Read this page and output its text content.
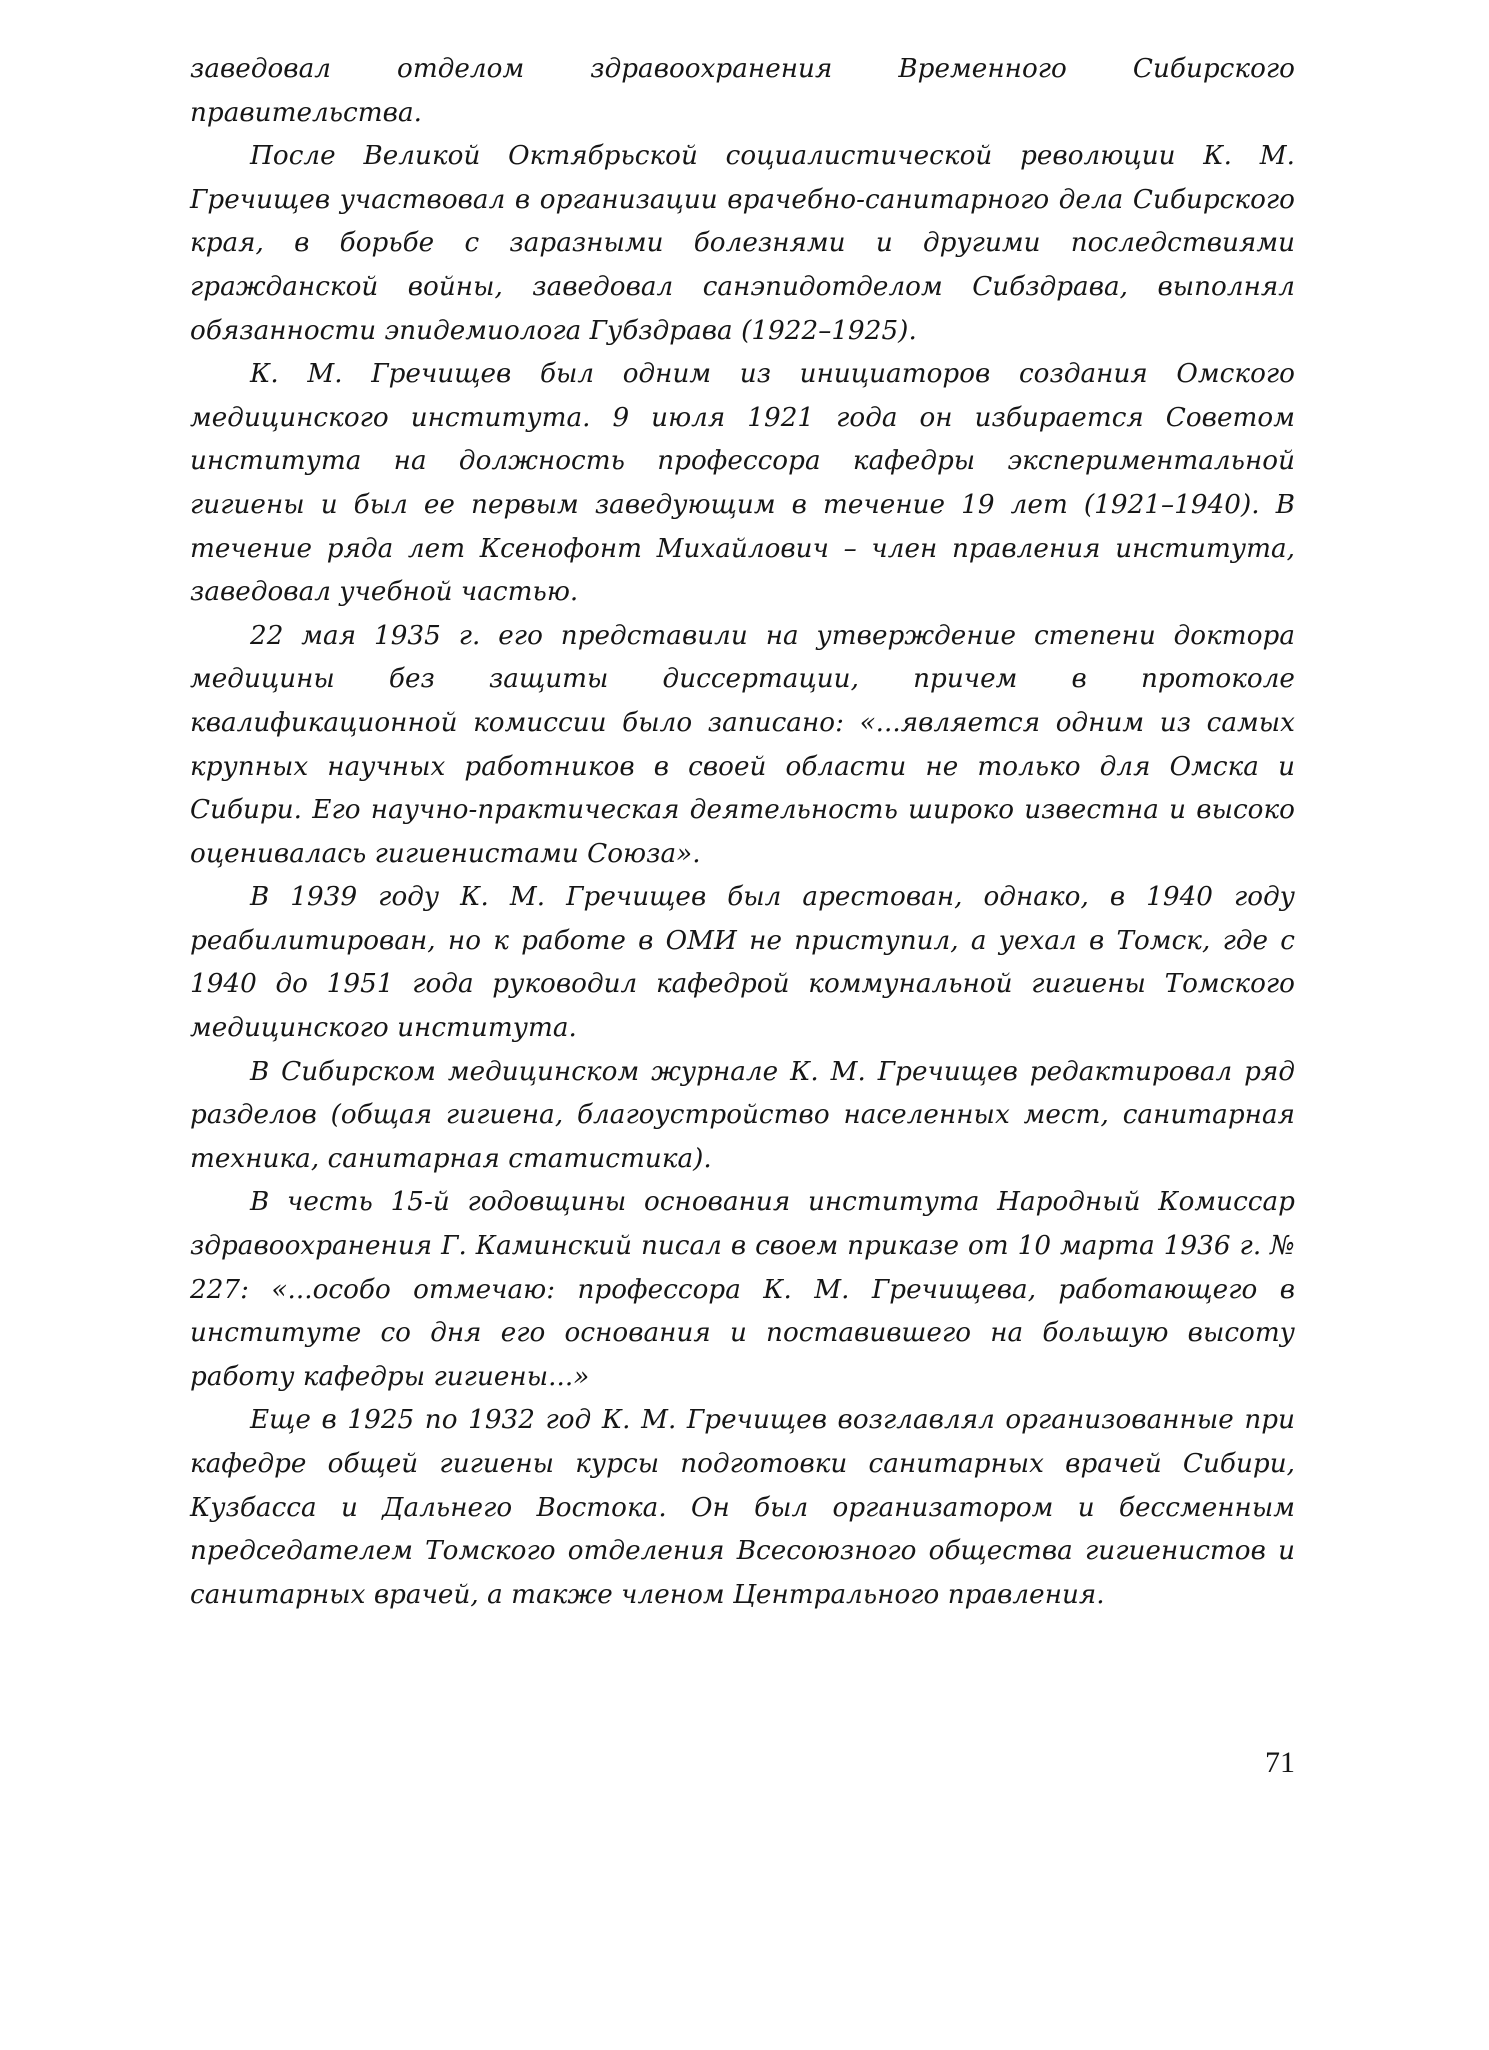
заведовал отделом здравоохранения Временного Сибирского правительства.

После Великой Октябрьской социалистической революции К. М. Гречищев участвовал в организации врачебно-санитарного дела Сибирского края, в борьбе с заразными болезнями и другими последствиями гражданской войны, заведовал санэпидотделом Сибздрава, выполнял обязанности эпидемиолога Губздрава (1922–1925).

К. М. Гречищев был одним из инициаторов создания Омского медицинского института. 9 июля 1921 года он избирается Советом института на должность профессора кафедры экспериментальной гигиены и был ее первым заведующим в течение 19 лет (1921–1940). В течение ряда лет Ксенофонт Михайлович – член правления института, заведовал учебной частью.

22 мая 1935 г. его представили на утверждение степени доктора медицины без защиты диссертации, причем в протоколе квалификационной комиссии было записано: «...является одним из самых крупных научных работников в своей области не только для Омска и Сибири. Его научно-практическая деятельность широко известна и высоко оценивалась гигиенистами Союза».

В 1939 году К. М. Гречищев был арестован, однако, в 1940 году реабилитирован, но к работе в ОМИ не приступил, а уехал в Томск, где с 1940 до 1951 года руководил кафедрой коммунальной гигиены Томского медицинского института.

В Сибирском медицинском журнале К. М. Гречищев редактировал ряд разделов (общая гигиена, благоустройство населенных мест, санитарная техника, санитарная статистика).

В честь 15-й годовщины основания института Народный Комиссар здравоохранения Г. Каминский писал в своем приказе от 10 марта 1936 г. № 227: «...особо отмечаю: профессора К. М. Гречищева, работающего в институте со дня его основания и поставившего на большую высоту работу кафедры гигиены...»

Еще в 1925 по 1932 год К. М. Гречищев возглавлял организованные при кафедре общей гигиены курсы подготовки санитарных врачей Сибири, Кузбасса и Дальнего Востока. Он был организатором и бессменным председателем Томского отделения Всесоюзного общества гигиенистов и санитарных врачей, а также членом Центрального правления.

71
